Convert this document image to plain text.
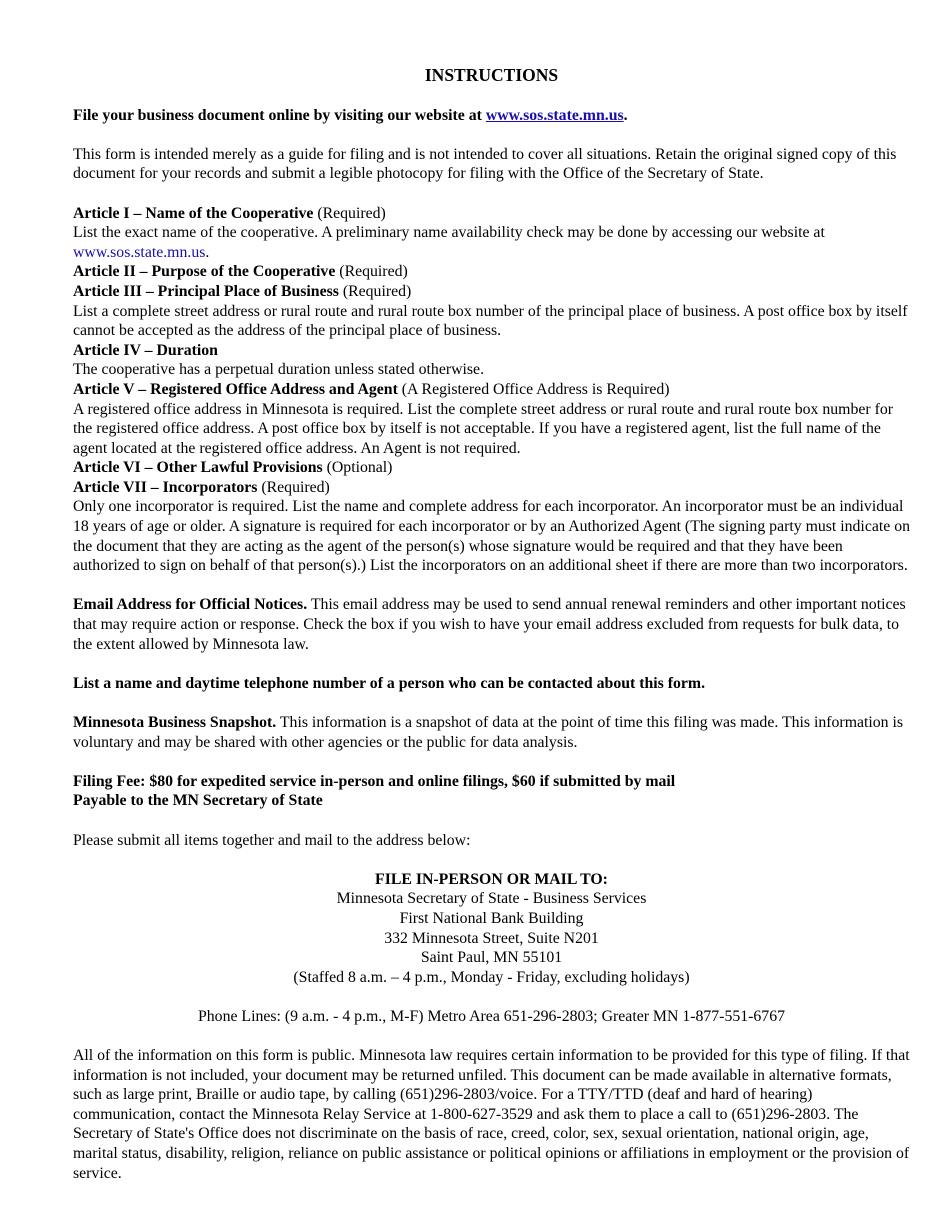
INSTRUCTIONS

File your business document online by visiting our website at www.sos.state.mn.us.

This form is intended merely as a guide for filing and is not intended to cover all situations. Retain the original signed copy of this document for your records and submit a legible photocopy for filing with the Office of the Secretary of State.

Article I – Name of the Cooperative (Required)

List the exact name of the cooperative. A preliminary name availability check may be done by accessing our website at www.sos.state.mn.us.

Article II – Purpose of the Cooperative (Required)

Article III – Principal Place of Business (Required)

List a complete street address or rural route and rural route box number of the principal place of business. A post office box by itself cannot be accepted as the address of the principal place of business.

Article IV – Duration

The cooperative has a perpetual duration unless stated otherwise.

Article V – Registered Office Address and Agent (A Registered Office Address is Required)

A registered office address in Minnesota is required. List the complete street address or rural route and rural route box number for the registered office address. A post office box by itself is not acceptable. If you have a registered agent, list the full name of the agent located at the registered office address. An Agent is not required.

Article VI – Other Lawful Provisions (Optional)

Article VII – Incorporators (Required)

Only one incorporator is required. List the name and complete address for each incorporator. An incorporator must be an individual 18 years of age or older. A signature is required for each incorporator or by an Authorized Agent (The signing party must indicate on the document that they are acting as the agent of the person(s) whose signature would be required and that they have been authorized to sign on behalf of that person(s).) List the incorporators on an additional sheet if there are more than two incorporators.

Email Address for Official Notices. This email address may be used to send annual renewal reminders and other important notices that may require action or response. Check the box if you wish to have your email address excluded from requests for bulk data, to the extent allowed by Minnesota law.

List a name and daytime telephone number of a person who can be contacted about this form.

Minnesota Business Snapshot. This information is a snapshot of data at the point of time this filing was made. This information is voluntary and may be shared with other agencies or the public for data analysis.

Filing Fee: $80 for expedited service in-person and online filings, $60 if submitted by mail

Payable to the MN Secretary of State

Please submit all items together and mail to the address below:

FILE IN-PERSON OR MAIL TO:

Minnesota Secretary of State - Business Services

First National Bank Building

332 Minnesota Street, Suite N201

Saint Paul, MN 55101

(Staffed 8 a.m. – 4 p.m., Monday - Friday, excluding holidays)

Phone Lines: (9 a.m. - 4 p.m., M-F) Metro Area 651-296-2803; Greater MN 1-877-551-6767

All of the information on this form is public. Minnesota law requires certain information to be provided for this type of filing. If that information is not included, your document may be returned unfiled. This document can be made available in alternative formats, such as large print, Braille or audio tape, by calling (651)296-2803/voice. For a TTY/TTD (deaf and hard of hearing) communication, contact the Minnesota Relay Service at 1-800-627-3529 and ask them to place a call to (651)296-2803. The Secretary of State's Office does not discriminate on the basis of race, creed, color, sex, sexual orientation, national origin, age, marital status, disability, religion, reliance on public assistance or political opinions or affiliations in employment or the provision of service.
